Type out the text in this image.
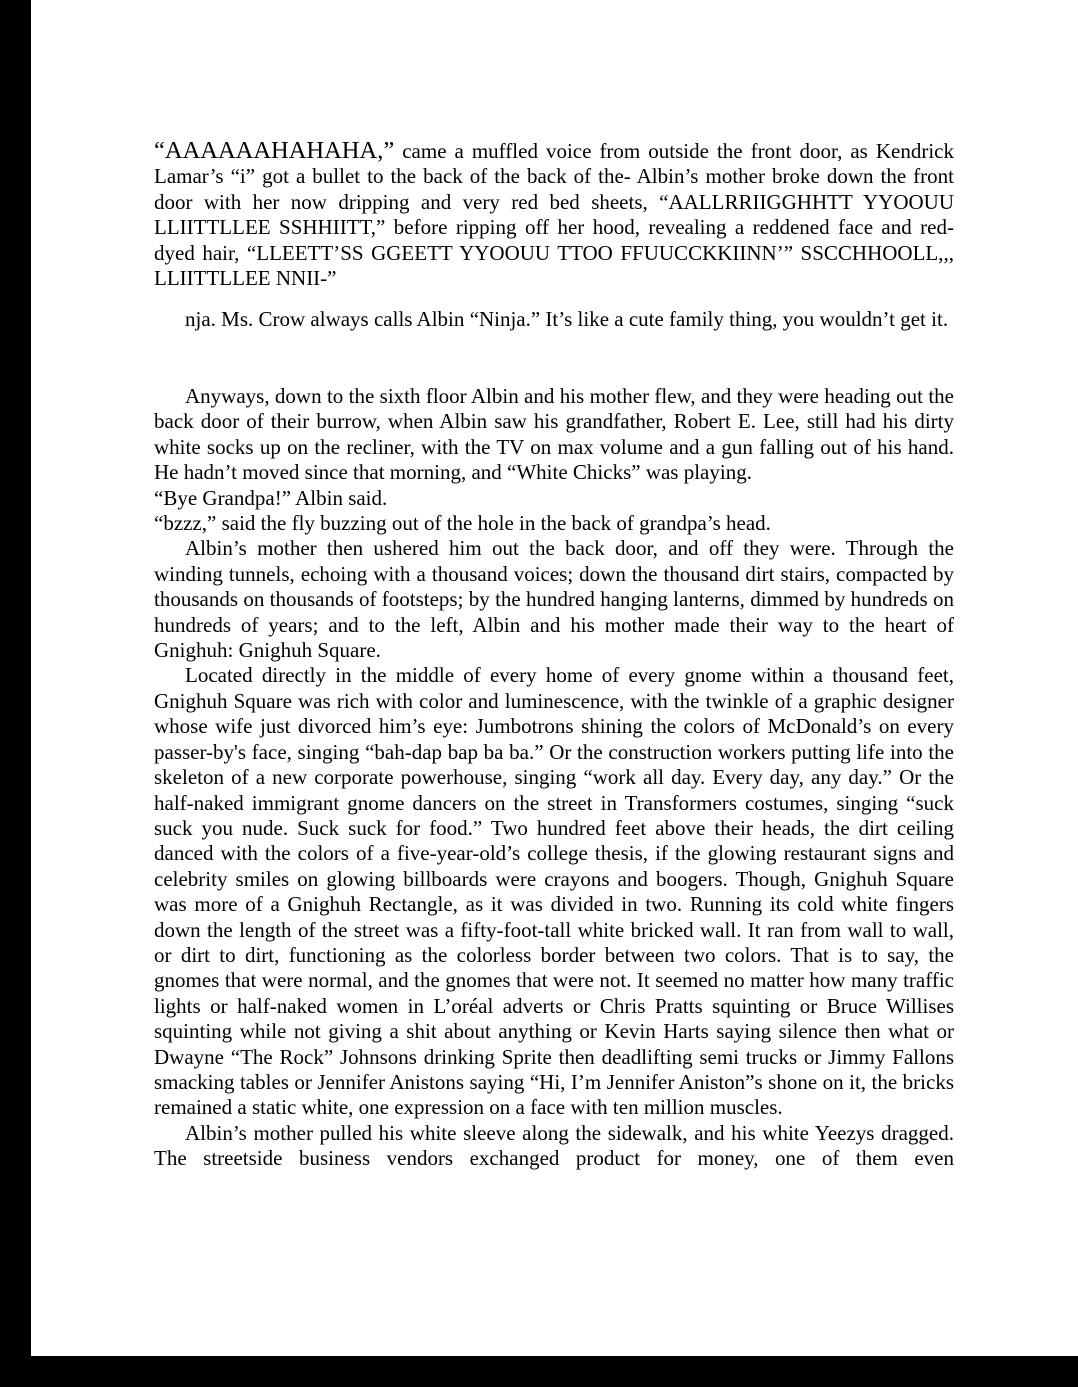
“AAAAAAHAHAHA,” came a muffled voice from outside the front door, as Kendrick Lamar’s “i” got a bullet to the back of the back of the- Albin’s mother broke down the front door with her now dripping and very red bed sheets, “AALLRRIIGGHHTT YYOOUU LLIITTLLEE SSHHIITT,” before ripping off her hood, revealing a reddened face and red-dyed hair, “LLEETT’SS GGEETT YYOOUU TTOO FFUUCCKKIINN’” SSCCHHOOLL,,, LLIITTLLEE NNII-”

nja. Ms. Crow always calls Albin “Ninja.” It’s like a cute family thing, you wouldn’t get it.

Anyways, down to the sixth floor Albin and his mother flew, and they were heading out the back door of their burrow, when Albin saw his grandfather, Robert E. Lee, still had his dirty white socks up on the recliner, with the TV on max volume and a gun falling out of his hand. He hadn’t moved since that morning, and “White Chicks” was playing.

“Bye Grandpa!” Albin said.

“bzzz,” said the fly buzzing out of the hole in the back of grandpa’s head.

Albin’s mother then ushered him out the back door, and off they were. Through the winding tunnels, echoing with a thousand voices; down the thousand dirt stairs, compacted by thousands on thousands of footsteps; by the hundred hanging lanterns, dimmed by hundreds on hundreds of years; and to the left, Albin and his mother made their way to the heart of Gnighuh: Gnighuh Square.

Located directly in the middle of every home of every gnome within a thousand feet, Gnighuh Square was rich with color and luminescence, with the twinkle of a graphic designer whose wife just divorced him’s eye: Jumbotrons shining the colors of McDonald’s on every passer-by's face, singing “bah-dap bap ba ba.” Or the construction workers putting life into the skeleton of a new corporate powerhouse, singing “work all day. Every day, any day.” Or the half-naked immigrant gnome dancers on the street in Transformers costumes, singing “suck suck you nude. Suck suck for food.” Two hundred feet above their heads, the dirt ceiling danced with the colors of a five-year-old’s college thesis, if the glowing restaurant signs and celebrity smiles on glowing billboards were crayons and boogers. Though, Gnighuh Square was more of a Gnighuh Rectangle, as it was divided in two. Running its cold white fingers down the length of the street was a fifty-foot-tall white bricked wall. It ran from wall to wall, or dirt to dirt, functioning as the colorless border between two colors. That is to say, the gnomes that were normal, and the gnomes that were not. It seemed no matter how many traffic lights or half-naked women in L’oréal adverts or Chris Pratts squinting or Bruce Willises squinting while not giving a shit about anything or Kevin Harts saying silence then what or Dwayne “The Rock” Johnsons drinking Sprite then deadlifting semi trucks or Jimmy Fallons smacking tables or Jennifer Anistons saying “Hi, I’m Jennifer Aniston”s shone on it, the bricks remained a static white, one expression on a face with ten million muscles.

Albin’s mother pulled his white sleeve along the sidewalk, and his white Yeezys dragged. The streetside business vendors exchanged product for money, one of them even
